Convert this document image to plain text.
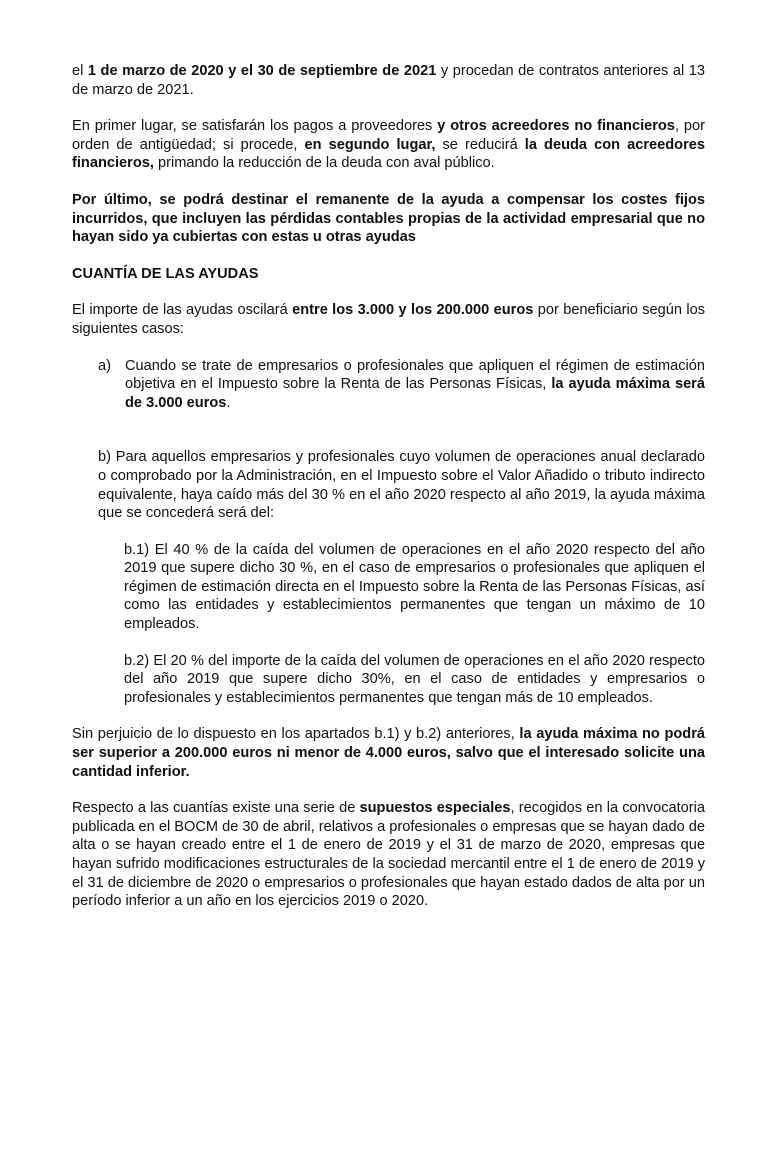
el 1 de marzo de 2020 y el 30 de septiembre de 2021 y procedan de contratos anteriores al 13 de marzo de 2021.

En primer lugar, se satisfarán los pagos a proveedores y otros acreedores no financieros, por orden de antigüedad; si procede, en segundo lugar, se reducirá la deuda con acreedores financieros, primando la reducción de la deuda con aval público.

Por último, se podrá destinar el remanente de la ayuda a compensar los costes fijos incurridos, que incluyen las pérdidas contables propias de la actividad empresarial que no hayan sido ya cubiertas con estas u otras ayudas

CUANTÍA DE LAS AYUDAS

El importe de las ayudas oscilará entre los 3.000 y los 200.000 euros por beneficiario según los siguientes casos:

a) Cuando se trate de empresarios o profesionales que apliquen el régimen de estimación objetiva en el Impuesto sobre la Renta de las Personas Físicas, la ayuda máxima será de 3.000 euros.

b) Para aquellos empresarios y profesionales cuyo volumen de operaciones anual declarado o comprobado por la Administración, en el Impuesto sobre el Valor Añadido o tributo indirecto equivalente, haya caído más del 30 % en el año 2020 respecto al año 2019, la ayuda máxima que se concederá será del:

b.1) El 40 % de la caída del volumen de operaciones en el año 2020 respecto del año 2019 que supere dicho 30 %, en el caso de empresarios o profesionales que apliquen el régimen de estimación directa en el Impuesto sobre la Renta de las Personas Físicas, así como las entidades y establecimientos permanentes que tengan un máximo de 10 empleados.

b.2) El 20 % del importe de la caída del volumen de operaciones en el año 2020 respecto del año 2019 que supere dicho 30%, en el caso de entidades y empresarios o profesionales y establecimientos permanentes que tengan más de 10 empleados.

Sin perjuicio de lo dispuesto en los apartados b.1) y b.2) anteriores, la ayuda máxima no podrá ser superior a 200.000 euros ni menor de 4.000 euros, salvo que el interesado solicite una cantidad inferior.

Respecto a las cuantías existe una serie de supuestos especiales, recogidos en la convocatoria publicada en el BOCM de 30 de abril, relativos a profesionales o empresas que se hayan dado de alta o se hayan creado entre el 1 de enero de 2019 y el 31 de marzo de 2020, empresas que hayan sufrido modificaciones estructurales de la sociedad mercantil entre el 1 de enero de 2019 y el 31 de diciembre de 2020 o empresarios o profesionales que hayan estado dados de alta por un período inferior a un año en los ejercicios 2019 o 2020.
